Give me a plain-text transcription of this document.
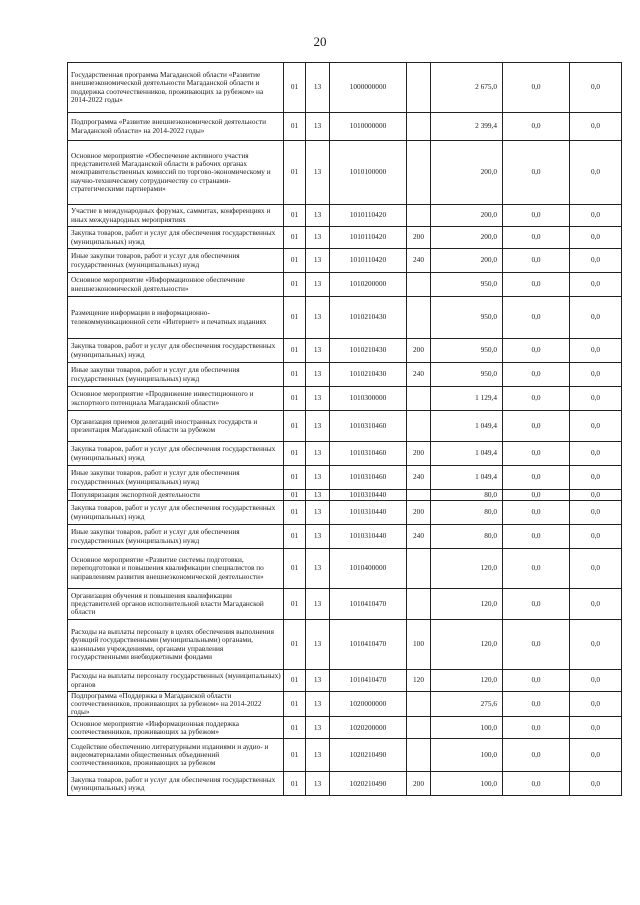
20
Государственная программа Магаданской области «Развитие внешнеэкономической деятельности Магаданской области и поддержка соотечественников, проживающих за рубежом» на 2014-2022 годы»	01	13	1000000000		2 675,0	0,0	0,0
Подпрограмма «Развитие внешнеэкономической деятельности Магаданской области» на 2014-2022 годы»	01	13	1010000000		2 399,4	0,0	0,0
Основное мероприятие «Обеспечение активного участия представителей Магаданской области в рабочих органах межправительственных комиссий по торгово-экономическому и научно-техническому сотрудничеству со странами-стратегическими партнерами»	01	13	1010100000		200,0	0,0	0,0
Участие в международных форумах, саммитах, конференциях и иных международных мероприятиях	01	13	1010110420		200,0	0,0	0,0
Закупка товаров, работ и услуг для обеспечения государственных (муниципальных) нужд	01	13	1010110420	200	200,0	0,0	0,0
Иные закупки товаров, работ и услуг для обеспечения государственных (муниципальных) нужд	01	13	1010110420	240	200,0	0,0	0,0
Основное мероприятие «Информационное обеспечение внешнеэкономической деятельности»	01	13	1010200000		950,0	0,0	0,0
Размещение информации в информационно-телекоммуникационной сети «Интернет» и печатных изданиях	01	13	1010210430		950,0	0,0	0,0
Закупка товаров, работ и услуг для обеспечения государственных (муниципальных) нужд	01	13	1010210430	200	950,0	0,0	0,0
Иные закупки товаров, работ и услуг для обеспечения государственных (муниципальных) нужд	01	13	1010210430	240	950,0	0,0	0,0
Основное мероприятие «Продвижение инвестиционного и экспортного потенциала Магаданской области»	01	13	1010300000		1 129,4	0,0	0,0
Организация приемов делегаций иностранных государств и презентация Магаданской области за рубежом	01	13	1010310460		1 049,4	0,0	0,0
Закупка товаров, работ и услуг для обеспечения государственных (муниципальных) нужд	01	13	1010310460	200	1 049,4	0,0	0,0
Иные закупки товаров, работ и услуг для обеспечения государственных (муниципальных) нужд	01	13	1010310460	240	1 049,4	0,0	0,0
Популяризация экспортной деятельности	01	13	1010310440		80,0	0,0	0,0
Закупка товаров, работ и услуг для обеспечения государственных (муниципальных) нужд	01	13	1010310440	200	80,0	0,0	0,0
Иные закупки товаров, работ и услуг для обеспечения государственных (муниципальных) нужд	01	13	1010310440	240	80,0	0,0	0,0
Основное мероприятие «Развитие системы подготовки, переподготовки и повышения квалификации специалистов по направлениям развития внешнеэкономической деятельности»	01	13	1010400000		120,0	0,0	0,0
Организация обучения и повышения квалификации представителей органов исполнительной власти Магаданской области	01	13	1010410470		120,0	0,0	0,0
Расходы на выплаты персоналу в целях обеспечения выполнения функций государственными (муниципальными) органами, казенными учреждениями, органами управления государственными внебюджетными фондами	01	13	1010410470	100	120,0	0,0	0,0
Расходы на выплаты персоналу государственных (муниципальных) органов	01	13	1010410470	120	120,0	0,0	0,0
Подпрограмма «Поддержка в Магаданской области соотечественников, проживающих за рубежом» на 2014-2022 годы»	01	13	1020000000		275,6	0,0	0,0
Основное мероприятие «Информационная поддержка соотечественников, проживающих за рубежом»	01	13	1020200000		100,0	0,0	0,0
Содействие обеспечению литературными изданиями и аудио- и видеоматериалами общественных объединений соотечественников, проживающих за рубежом	01	13	1020210490		100,0	0,0	0,0
Закупка товаров, работ и услуг для обеспечения государственных (муниципальных) нужд	01	13	1020210490	200	100,0	0,0	0,0
